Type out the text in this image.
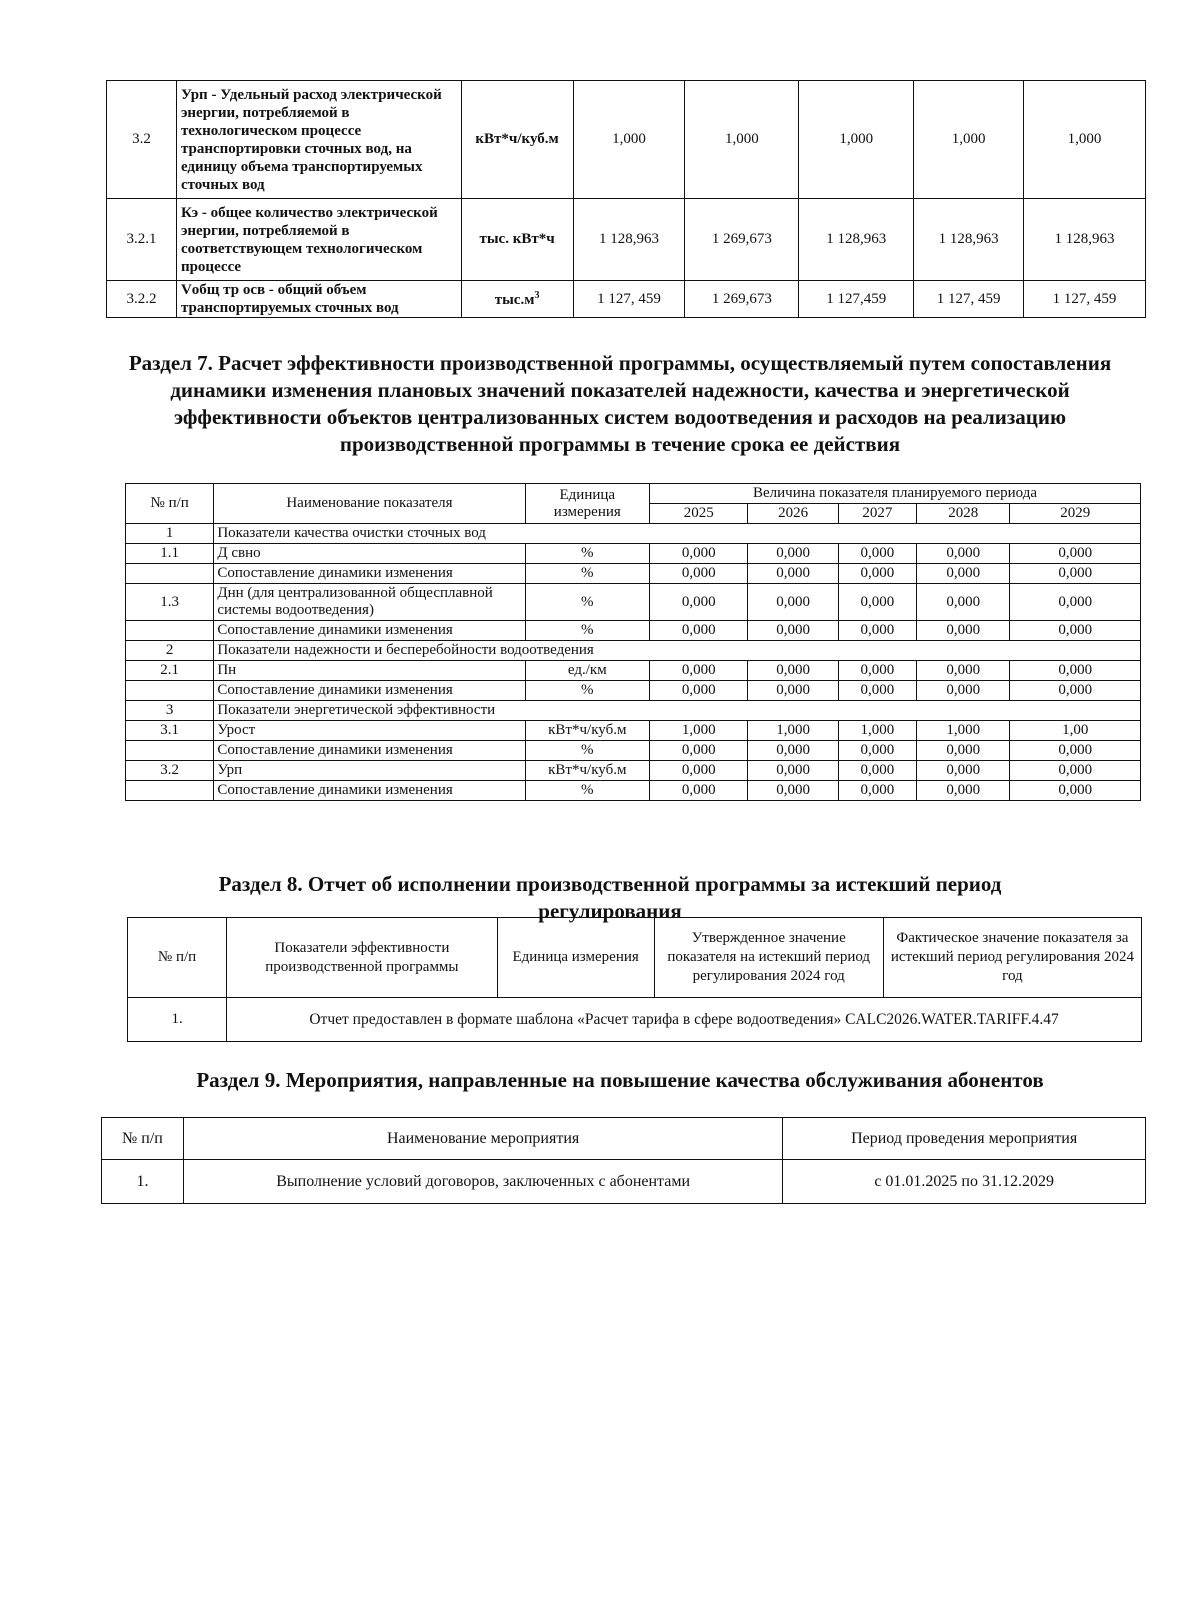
3.2	Урп - Удельный расход электрической энергии, потребляемой в технологическом процессе транспортировки сточных вод, на единицу объема транспортируемых сточных вод	кВт*ч/куб.м	1,000	1,000	1,000	1,000	1,000
3.2.1	Кэ - общее количество электрической энергии, потребляемой в соответствующем технологическом процессе	тыс. кВт*ч	1 128,963	1 269,673	1 128,963	1 128,963	1 128,963
3.2.2	Vобщ тр осв - общий объем транспортируемых сточных вод	$тыс.м^3$	1 127, 459	1 269,673	1 127,459	1 127, 459	1 127, 459
Раздел 7. Расчет эффективности производственной программы, осуществляемый путем сопоставления динамики изменения плановых значений показателей надежности, качества и энергетической эффективности объектов централизованных систем водоотведения и расходов на реализацию производственной программы в течение срока ее действия
№ п/п	Наименование показателя	Единица измерения	Величина показателя планируемого периода				
			2025	2026	2027	2028	2029
1	Показатели качества очистки сточных вод						
1.1	Д свно	%	0,000	0,000	0,000	0,000	0,000
	Сопоставление динамики изменения	%	0,000	0,000	0,000	0,000	0,000
1.3	Днн (для централизованной общесплавной системы водоотведения)	%	0,000	0,000	0,000	0,000	0,000
	Сопоставление динамики изменения	%	0,000	0,000	0,000	0,000	0,000
2	Показатели надежности и бесперебойности водоотведения						
2.1	Пн	ед./км	0,000	0,000	0,000	0,000	0,000
	Сопоставление динамики изменения	%	0,000	0,000	0,000	0,000	0,000
3	Показатели энергетической эффективности						
3.1	Урост	кВт*ч/куб.м	1,000	1,000	1,000	1,000	1,00
	Сопоставление динамики изменения	%	0,000	0,000	0,000	0,000	0,000
3.2	Урп	кВт*ч/куб.м	0,000	0,000	0,000	0,000	0,000
	Сопоставление динамики изменения	%	0,000	0,000	0,000	0,000	0,000
Раздел 8. Отчет об исполнении производственной программы за истекший период регулирования
№ п/п	Показатели эффективности производственной программы	Единица измерения	Утвержденное значение показателя на истекший период регулирования 2024 год	Фактическое значение показателя за истекший период регулирования 2024 год
1.	Отчет предоставлен в формате шаблона «Расчет тарифа в сфере водоотведения» CALC2026.WATER.TARIFF.4.47			
Раздел 9. Мероприятия, направленные на повышение качества обслуживания абонентов
№ п/п	Наименование мероприятия	Период проведения мероприятия
1.	Выполнение условий договоров, заключенных с абонентами	с 01.01.2025 по 31.12.2029
